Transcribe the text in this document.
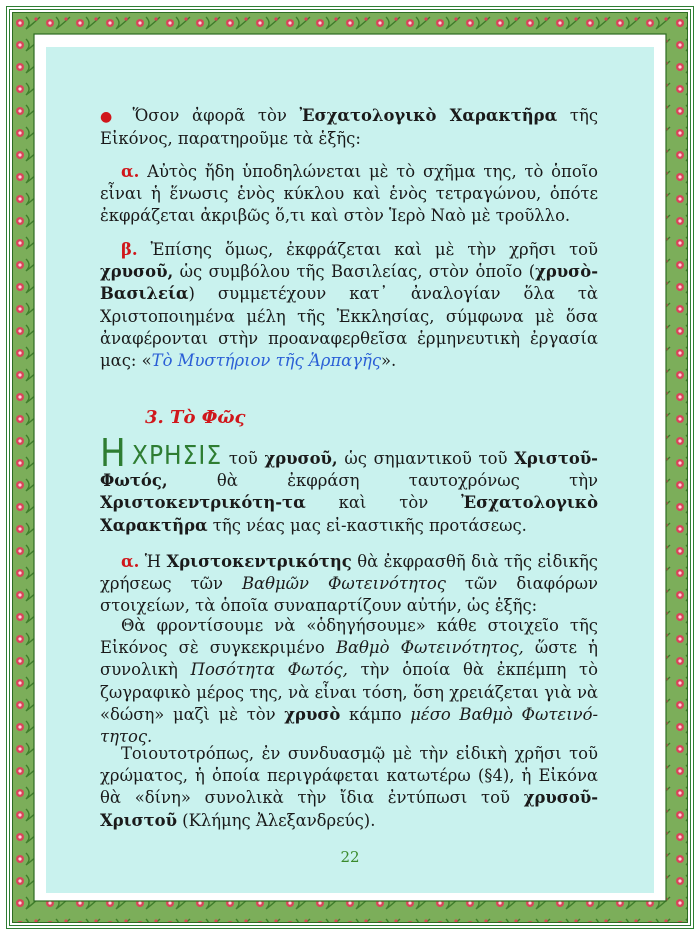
● Ὅσον ἀφορᾶ τὸν Ἐσχατολογικὸ Χαρακτῆρα τῆς Εἰκόνος, παρατηροῦμε τὰ ἑξῆς:

α. Αὐτὸς ἤδη ὑποδηλώνεται μὲ τὸ σχῆμα της, τὸ ὁποῖο εἶναι ἡ ἕνωσις ἑνὸς κύκλου καὶ ἑνὸς τετραγώνου, ὁπότε ἐκφράζεται ἀκριβῶς ὅ,τι καὶ στὸν Ἱερὸ Ναὸ μὲ τροῦλλο.

β. Ἐπίσης ὅμως, ἐκφράζεται καὶ μὲ τὴν χρῆσι τοῦ χρυσοῦ, ὡς συμβόλου τῆς Βασιλείας, στὸν ὁποῖο (χρυσὸ- Βασιλεία) συμμετέχουν κατ᾿ ἀναλογίαν ὅλα τὰ Χριστοποιημένα μέλη τῆς Ἐκκλησίας, σύμφωνα μὲ ὅσα ἀναφέρονται στὴν προαναφερθεῖσα ἑρμηνευτικὴ ἐργασία μας: «Τὸ Μυστήριον τῆς Ἁρπαγῆς».

Η ΧΡΗΣΙΣ τοῦ χρυσοῦ, ὡς σημαντικοῦ τοῦ Χριστοῦ-Φωτός, θὰ ἐκφράση ταυτοχρόνως τὴν Χριστοκεντρικότη-τα καὶ τὸν Ἐσχατολογικὸ Χαρακτῆρα τῆς νέας μας εἰ-καστικῆς προτάσεως.

α. Ἡ Χριστοκεντρικότης θὰ ἐκφρασθῆ διὰ τῆς εἰδικῆς χρήσεως τῶν Βαθμῶν Φωτεινότητος τῶν διαφόρων στοιχείων, τὰ ὁποῖα συναπαρτίζουν αὐτήν, ὡς ἑξῆς:

Θὰ φροντίσουμε νὰ «ὁδηγήσουμε» κάθε στοιχεῖο τῆς Εἰκόνος σὲ συγκεκριμένο Βαθμὸ Φωτεινότητος, ὥστε ἡ συνολικὴ Ποσότητα Φωτός, τὴν ὁποία θὰ ἐκπέμπη τὸ ζωγραφικὸ μέρος της, νὰ εἶναι τόση, ὅση χρειάζεται γιὰ νὰ «δώση» μαζὶ μὲ τὸν χρυσὸ κάμπο μέσο Βαθμὸ Φωτεινό-τητος.

Τοιουτοτρόπως, ἐν συνδυασμῷ μὲ τὴν εἰδικὴ χρῆσι τοῦ χρώματος, ἡ ὁποία περιγράφεται κατωτέρω (§4), ἡ Εἰκόνα θὰ «δίνη» συνολικὰ τὴν ἴδια ἐντύπωσι τοῦ χρυσοῦ-Χριστοῦ (Κλήμης Ἀλεξανδρεύς).

3. Τὸ Φῶς
22
